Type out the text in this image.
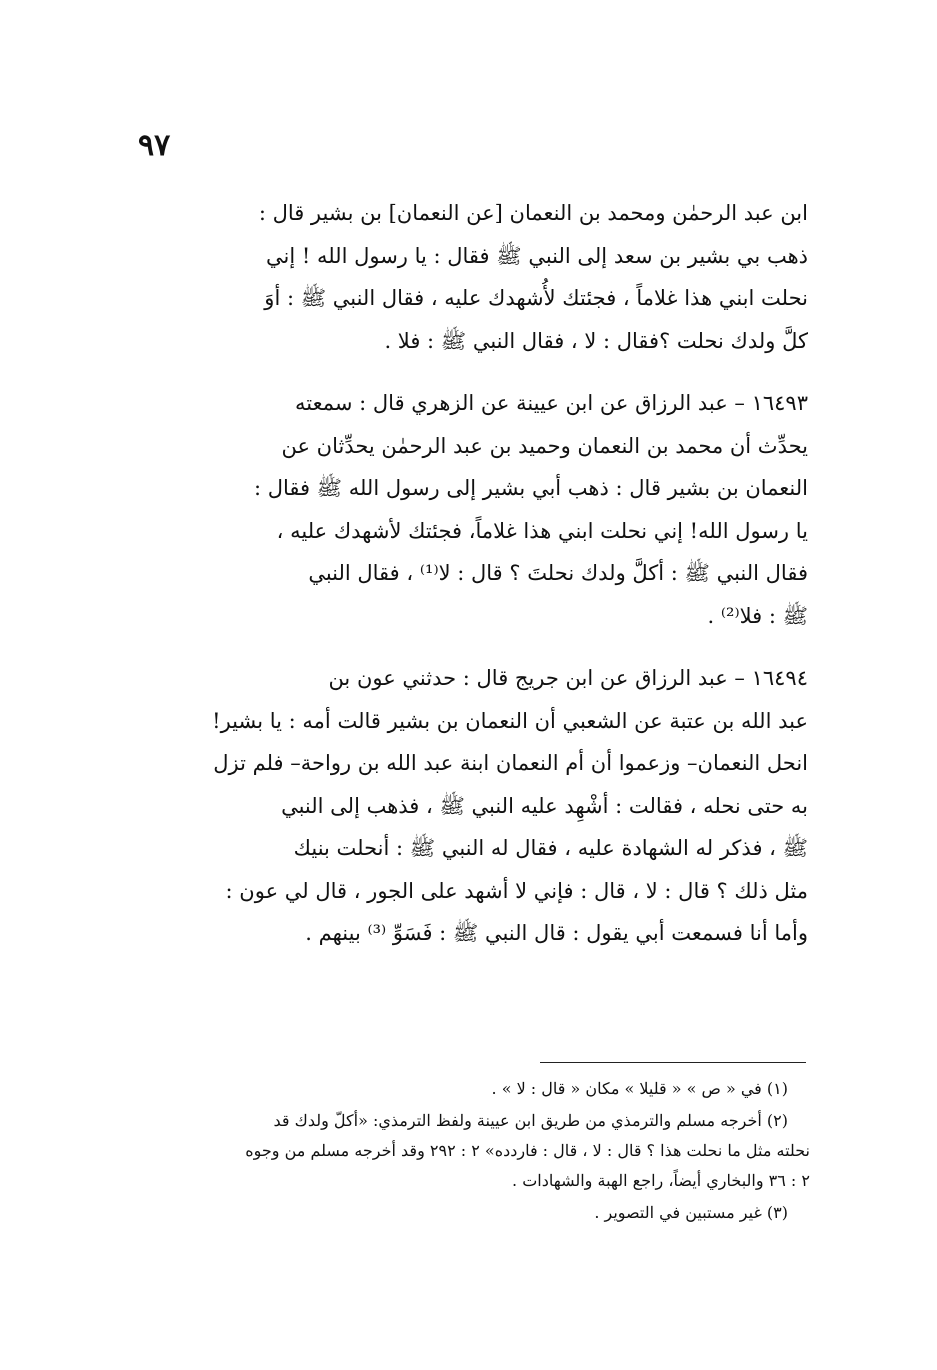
٩٧

ابن عبد الرحمٰن ومحمد بن النعمان [عن النعمان] بن بشير قال :
ذهب بي بشير بن سعد إلى النبي ﷺ فقال : يا رسول الله ! إني
نحلت ابني هذا غلاماً ، فجئتك لأُشهدك عليه ، فقال النبي ﷺ : أوَ
كلَّ ولدك نحلت ؟فقال : لا ، فقال النبي ﷺ : فلا .

١٦٤٩٣ – عبد الرزاق عن ابن عيينة عن الزهري قال : سمعته
يحدِّث أن محمد بن النعمان وحميد بن عبد الرحمٰن يحدِّثان عن
النعمان بن بشير قال : ذهب أبي بشير إلى رسول الله ﷺ فقال :
يا رسول الله! إني نحلت ابني هذا غلاماً، فجئتك لأشهدك عليه ،
فقال النبي ﷺ : أكلَّ ولدك نحلتَ ؟ قال : لا⁽¹⁾ ، فقال النبي
ﷺ : فلا⁽²⁾ .

١٦٤٩٤ – عبد الرزاق عن ابن جريج قال : حدثني عون بن
عبد الله بن عتبة عن الشعبي أن النعمان بن بشير قالت أمه : يا بشير!
انحل النعمان– وزعموا أن أم النعمان ابنة عبد الله بن رواحة– فلم تزل
به حتى نحله ، فقالت : أشْهِد عليه النبي ﷺ ، فذهب إلى النبي
ﷺ ، فذكر له الشهادة عليه ، فقال له النبي ﷺ : أنحلت بنيك
مثل ذلك ؟ قال : لا ، قال : فإني لا أشهد على الجور ، قال لي عون :
وأما أنا فسمعت أبي يقول : قال النبي ﷺ : فَسَوِّ ⁽³⁾ بينهم .

(١) في « ص » « قليلا » مكان « قال : لا » .

(٢) أخرجه مسلم والترمذي من طريق ابن عيينة ولفظ الترمذي: «أكلّ ولدك قد
نحلته مثل ما نحلت هذا ؟ قال : لا ، قال : فاردده» ٢ : ٢٩٢ وقد أخرجه مسلم من وجوه
٢ : ٣٦ والبخاري أيضاً، راجع الهبة والشهادات .

(٣) غير مستبين في التصوير .
